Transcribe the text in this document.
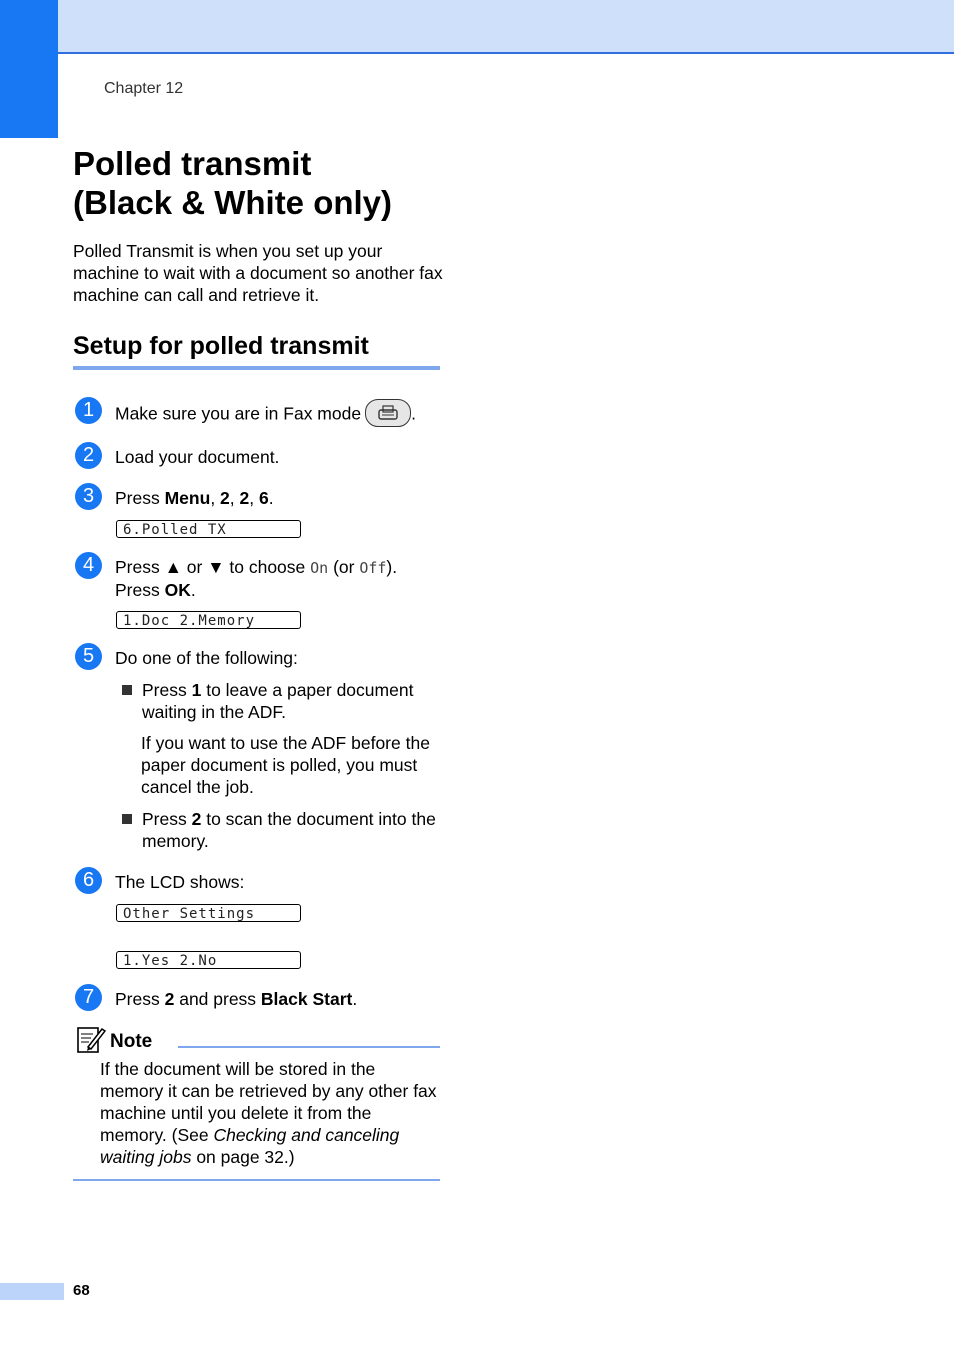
Chapter 12
Polled transmit
(Black & White only)
Polled Transmit is when you set up your machine to wait with a document so another fax machine can call and retrieve it.
Setup for polled transmit
1	Make sure you are in Fax mode	.
2	Load your document.
3	Press Menu, 2, 2, 6.
6.Polled TX
4	Press ▲ or ▼ to choose On (or Off).
Press OK.
1.Doc 2.Memory
5	Do one of the following:
Press 1 to leave a paper document waiting in the ADF.
If you want to use the ADF before the paper document is polled, you must cancel the job.
Press 2 to scan the document into the memory.
6	The LCD shows:
Other Settings
1.Yes 2.No
7	Press 2 and press Black Start.
Note
If the document will be stored in the memory it can be retrieved by any other fax machine until you delete it from the memory. (See Checking and canceling waiting jobs on page 32.)
68
